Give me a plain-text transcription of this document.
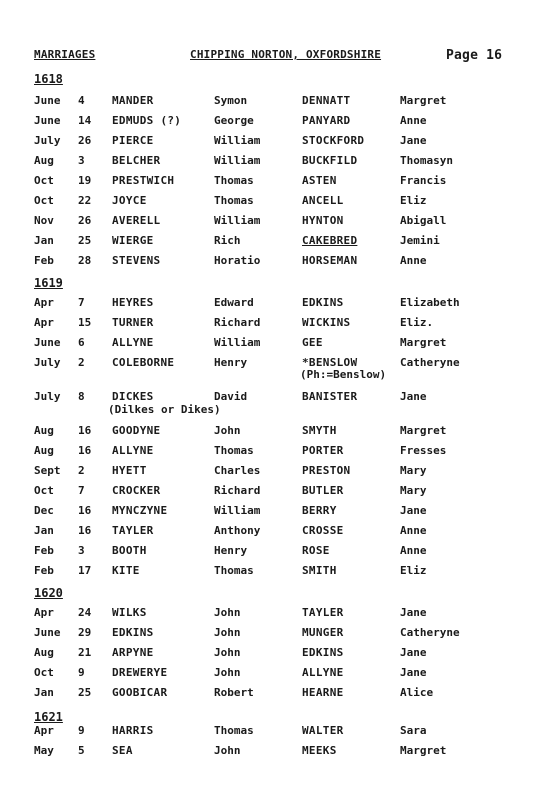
MARRIAGES	CHIPPING NORTON, OXFORDSHIRE	Page 16
1618
June 4 MANDER	Symon	DENNATT	Margret
June 14 EDMUDS (?)	George	PANYARD	Anne
July 26 PIERCE	William	STOCKFORD	Jane
Aug 3 BELCHER	William	BUCKFILD	Thomasyn
Oct 19 PRESTWICH	Thomas	ASTEN	Francis
Oct 22 JOYCE	Thomas	ANCELL	Eliz
Nov 26 AVERELL	William	HYNTON	Abigall
Jan 25 WIERGE	Rich	CAKEBRED	Jemini
Feb 28 STEVENS	Horatio	HORSEMAN	Anne
1619
Apr 7 HEYRES	Edward	EDKINS	Elizabeth
Apr 15 TURNER	Richard	WICKINS	Eliz.
June 6 ALLYNE	William	GEE	Margret
July 2 COLEBORNE	Henry	*BENSLOW	Catheryne
(Ph:=Benslow)
July 8 DICKES	David	BANISTER	Jane
(Dilkes or Dikes)
Aug 16 GOODYNE	John	SMYTH	Margret
Aug 16 ALLYNE	Thomas	PORTER	Fresses
Sept 2 HYETT	Charles	PRESTON	Mary
Oct 7 CROCKER	Richard	BUTLER	Mary
Dec 16 MYNCZYNE	William	BERRY	Jane
Jan 16 TAYLER	Anthony	CROSSE	Anne
Feb 3 BOOTH	Henry	ROSE	Anne
Feb 17 KITE	Thomas	SMITH	Eliz
1620
Apr 24 WILKS	John	TAYLER	Jane
June 29 EDKINS	John	MUNGER	Catheryne
Aug 21 ARPYNE	John	EDKINS	Jane
Oct 9 DREWERYE	John	ALLYNE	Jane
Jan 25 GOOBICAR	Robert	HEARNE	Alice
1621
Apr 9 HARRIS	Thomas	WALTER	Sara
May 5 SEA	John	MEEKS	Margret
